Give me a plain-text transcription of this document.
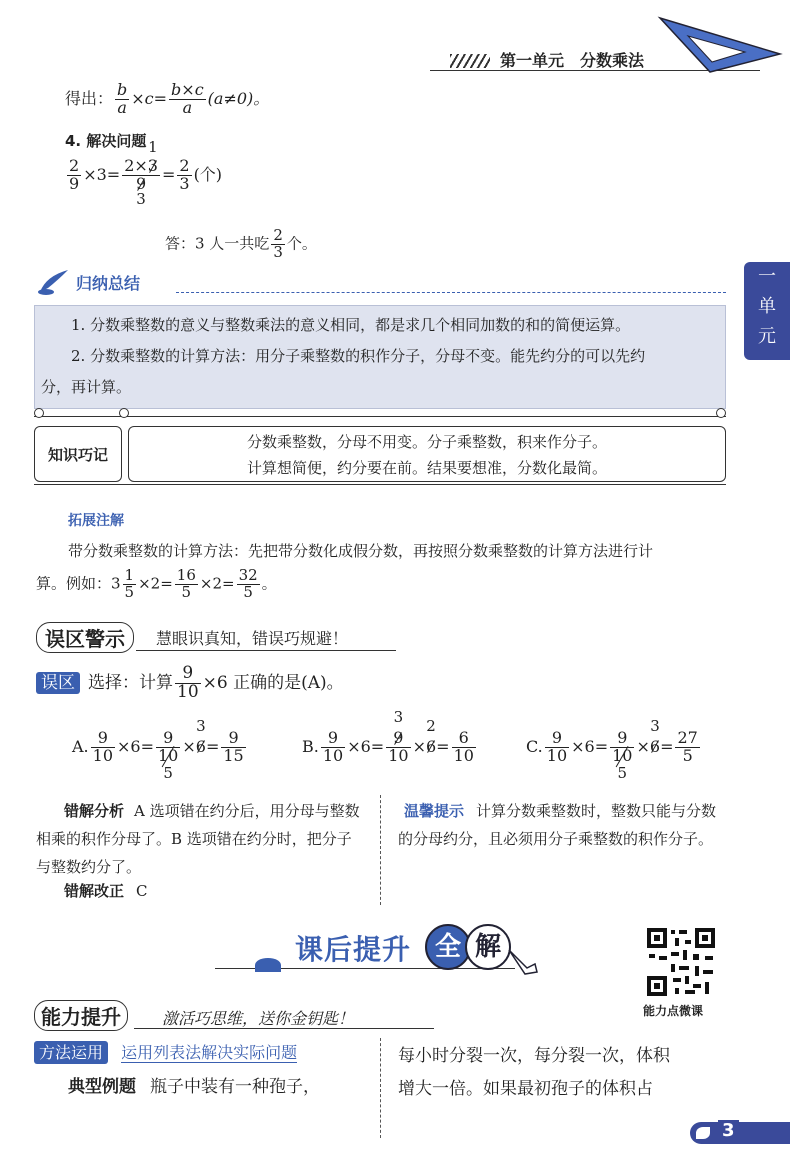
第一单元　分数乘法
一
单
元
得出： $\frac{b}{a} \times c= \frac{b\times c}{a} (a\ne 0)$。
4. 解决问题
$\frac{2}{9} \times 3= 2\times 3$
1
9
$3 = \frac{2}{3}$ (个)
答：3 人一共吃 $\frac{2}{3}$ 个。
归纳总结
1. 分数乘整数的意义与整数乘法的意义相同，都是求几个相同加数的和的简便运算。
2. 分数乘整数的计算方法：用分子乘整数的积作分子，分母不变。能先约分的可以先约
分，再计算。
知识巧记
分数乘整数，分母不用变。分子乘整数，积来作分子。
计算想简便，约分要在前。结果要想准，分数化最简。
拓展注解
带分数乘整数的计算方法：先把带分数化成假分数，再按照分数乘整数的计算方法进行计
算。例如：$3 \frac{1}{5} \times 2= \frac{16}{5} \times 2= \frac{32}{5}$ 。
误区警示	慧眼识真知，错误巧规避！
误区 选择：计算 $\frac{9}{10} \times 6$ 正确的是(A)。
A. $\frac{9}{10} \times 6= 9$
10
5 ×6
3
= $\frac{9}{15}$	B. $\frac{9}{10} \times 6= 9$
3
10 ×6
2
= $\frac{6}{10}$	C. $\frac{9}{10} \times 6= 9$
10
5 ×6
3
= $\frac{27}{5}$
错解分析 A 选项错在约分后，用分母与整数相乘的积作分母了。B 选项错在约分时，把分子与整数约分了。
错解改正 C
温馨提示 计算分数乘整数时，整数只能与分数的分母约分，且必须用分子乘整数的积作分子。
课后提升 全 解
能力点微课
能力提升	激活巧思维，送你金钥匙！
方法运用 运用列表法解决实际问题
典型例题 瓶子中装有一种孢子，
每小时分裂一次，每分裂一次，体积
增大一倍。如果最初孢子的体积占
3
